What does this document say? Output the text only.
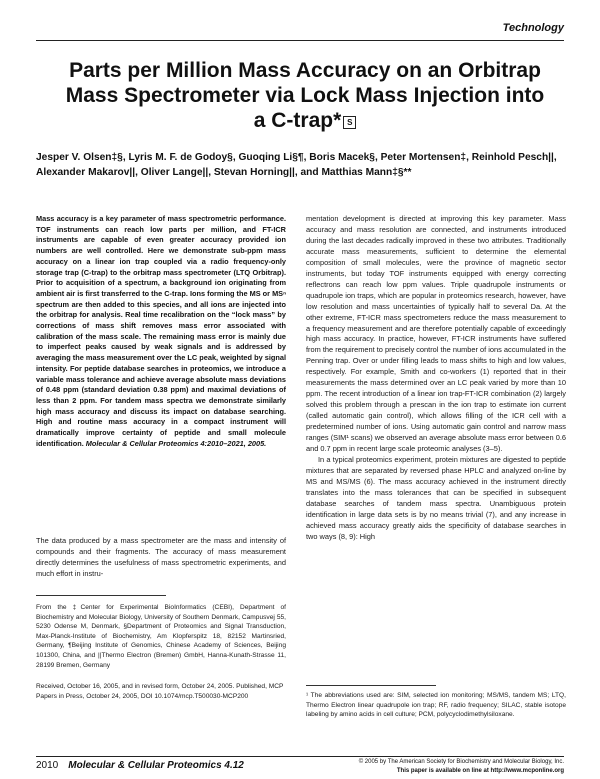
Technology
Parts per Million Mass Accuracy on an Orbitrap Mass Spectrometer via Lock Mass Injection into a C-trap* S

Jesper V. Olsen‡§, Lyris M. F. de Godoy§, Guoqing Li§¶, Boris Macek§, Peter Mortensen‡, Reinhold Pesch||, Alexander Makarov||, Oliver Lange||, Stevan Horning||, and Matthias Mann‡§**

Mass accuracy is a key parameter of mass spectrometric performance. TOF instruments can reach low parts per million, and FT-ICR instruments are capable of even greater accuracy provided ion numbers are well controlled. Here we demonstrate sub-ppm mass accuracy on a linear ion trap coupled via a radio frequency-only storage trap (C-trap) to the orbitrap mass spectrometer (LTQ Orbitrap). Prior to acquisition of a spectrum, a background ion originating from ambient air is first transferred to the C-trap. Ions forming the MS or MSⁿ spectrum are then added to this species, and all ions are injected into the orbitrap for analysis. Real time recalibration on the “lock mass” by corrections of mass shift removes mass error associated with calibration of the mass scale. The remaining mass error is mainly due to imperfect peaks caused by weak signals and is addressed by averaging the mass measurement over the LC peak, weighted by signal intensity. For peptide database searches in proteomics, we introduce a variable mass tolerance and achieve average absolute mass deviations of 0.48 ppm (standard deviation 0.38 ppm) and maximal deviations of less than 2 ppm. For tandem mass spectra we demonstrate similarly high mass accuracy and discuss its impact on database searching. High and routine mass accuracy in a compact instrument will dramatically improve certainty of peptide and small molecule identification. Molecular & Cellular Proteomics 4:2010–2021, 2005.

The data produced by a mass spectrometer are the mass and intensity of compounds and their fragments. The accuracy of mass measurement directly determines the usefulness of mass spectrometric experiments, and much effort in instru-

From the ‡Center for Experimental BioInformatics (CEBI), Department of Biochemistry and Molecular Biology, University of Southern Denmark, Campusvej 55, 5230 Odense M, Denmark, §Department of Proteomics and Signal Transduction, Max-Planck-Institute of Biochemistry, Am Klopferspitz 18, 82152 Martinsried, Germany, ¶Beijing Institute of Genomics, Chinese Academy of Sciences, Beijing 101300, China, and ||Thermo Electron (Bremen) GmbH, Hanna-Kunath-Strasse 11, 28199 Bremen, Germany

Received, October 16, 2005, and in revised form, October 24, 2005. Published, MCP Papers in Press, October 24, 2005, DOI 10.1074/mcp.T500030-MCP200

mentation development is directed at improving this key parameter. Mass accuracy and mass resolution are connected, and instruments introduced during the last decades radically improved in these two attributes. Traditionally accurate mass measurements, sufficient to determine the elemental composition of small molecules, were the province of magnetic sector instruments, but today TOF instruments equipped with energy correcting reflectrons can reach low ppm values. Triple quadrupole instruments or quadrupole ion traps, which are popular in proteomics research, however, have low resolution and mass uncertainties of typically half to several Da. At the other extreme, FT-ICR mass spectrometers reduce the mass measurement to a frequency measurement and are therefore potentially capable of exceedingly high mass accuracy. In practice, however, FT-ICR instruments have suffered from the requirement to precisely control the number of ions accumulated in the Penning trap. Over or under filling leads to mass shifts to high and low values, respectively. For example, Smith and co-workers (1) reported that in their measurements the mass determined over an LC peak varied by more than 10 ppm. The recent introduction of a linear ion trap-FT-ICR combination (2) largely solved this problem through a prescan in the ion trap to estimate ion current (called automatic gain control), which allows filling of the ICR cell with a predetermined number of ions. Using automatic gain control and narrow mass ranges (SIM¹ scans) we observed an average absolute mass error between 0.6 and 0.7 ppm in recent large scale proteomic analyses (3–5).
In a typical proteomics experiment, protein mixtures are digested to peptide mixtures that are separated by reversed phase HPLC and analyzed on-line by MS and MS/MS (6). The mass accuracy achieved in the instrument directly translates into the mass tolerances that can be specified in subsequent database searches of tandem mass spectra. Unambiguous protein identification in large data sets is by no means trivial (7), and any increase in achieved mass accuracy greatly aids the specificity of database searches in two ways (8, 9): High

¹ The abbreviations used are: SIM, selected ion monitoring; MS/MS, tandem MS; LTQ, Thermo Electron linear quadrupole ion trap; RF, radio frequency; SILAC, stable isotope labeling by amino acids in cell culture; PCM, polycyclodimethylsiloxane.

2010 Molecular & Cellular Proteomics 4.12	© 2005 by The American Society for Biochemistry and Molecular Biology, Inc.
This paper is available on line at http://www.mcponline.org
